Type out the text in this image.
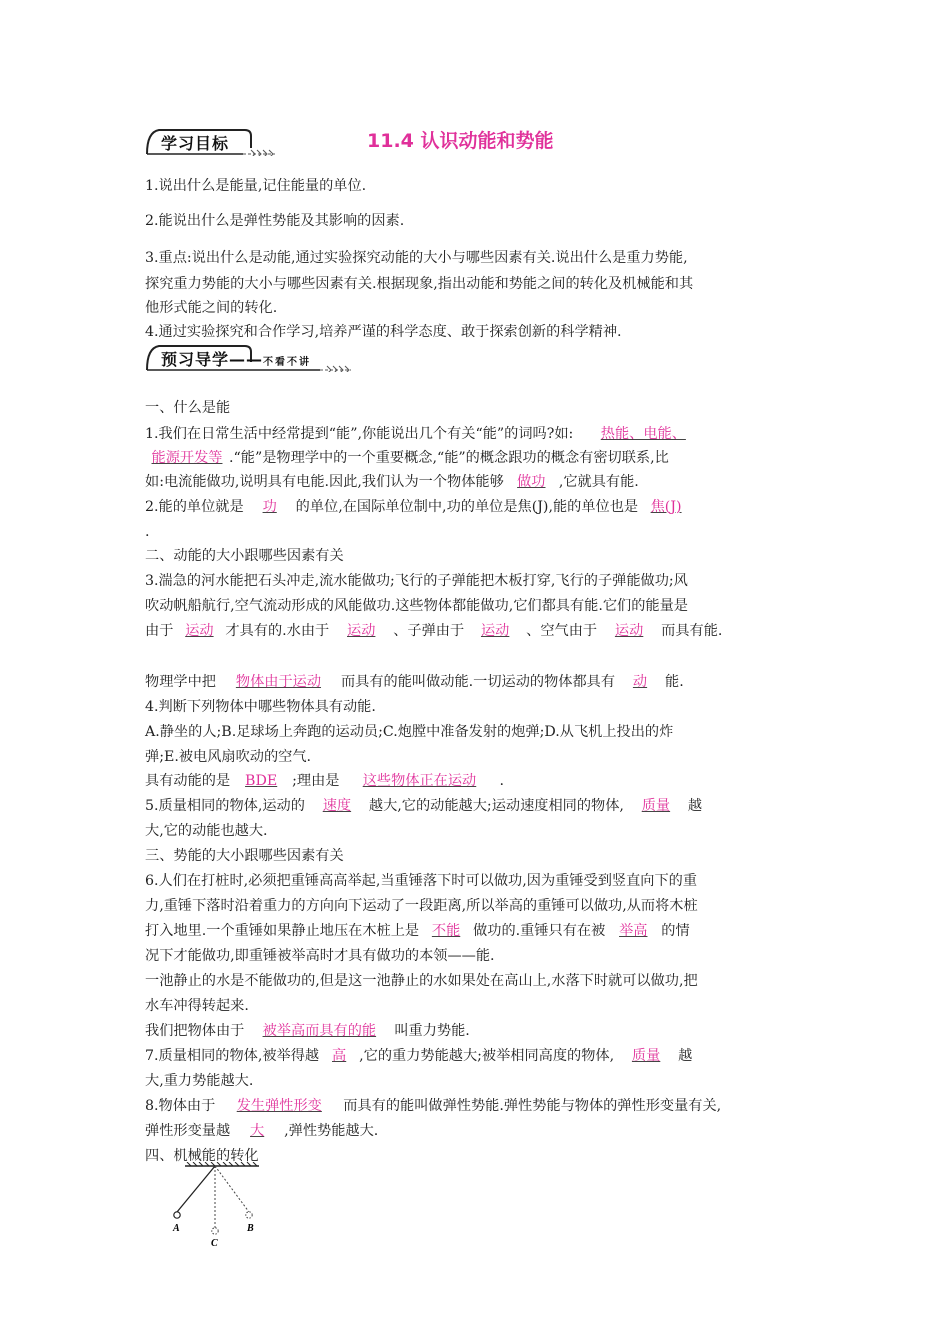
学习目标	11.4 认识动能和势能
1.说出什么是能量,记住能量的单位.
2.能说出什么是弹性势能及其影响的因素.
3.重点:说出什么是动能,通过实验探究动能的大小与哪些因素有关.说出什么是重力势能,
探究重力势能的大小与哪些因素有关.根据现象,指出动能和势能之间的转化及机械能和其
他形式能之间的转化.
4.通过实验探究和合作学习,培养严谨的科学态度、敢于探索创新的科学精神.
预习导学——不看不讲
一、什么是能
1.我们在日常生活中经常提到“能”,你能说出几个有关“能”的词吗?如: 热能、电能、
能源开发等 .“能”是物理学中的一个重要概念,“能”的概念跟功的概念有密切联系,比
如:电流能做功,说明具有电能.因此,我们认为一个物体能够 做功 ,它就具有能.
2.能的单位就是 功 的单位,在国际单位制中,功的单位是焦(J),能的单位也是 焦(J)
.
二、动能的大小跟哪些因素有关
3.湍急的河水能把石头冲走,流水能做功;飞行的子弹能把木板打穿,飞行的子弹能做功;风
吹动帆船航行,空气流动形成的风能做功.这些物体都能做功,它们都具有能.它们的能量是
由于 运动 才具有的.水由于 运动 、子弹由于 运动 、空气由于 运动 而具有能.
物理学中把 物体由于运动 而具有的能叫做动能.一切运动的物体都具有 动 能.
4.判断下列物体中哪些物体具有动能.
A.静坐的人;B.足球场上奔跑的运动员;C.炮膛中准备发射的炮弹;D.从飞机上投出的炸
弹;E.被电风扇吹动的空气.
具有动能的是 BDE ;理由是 这些物体正在运动 .
5.质量相同的物体,运动的 速度 越大,它的动能越大;运动速度相同的物体, 质量 越
大,它的动能也越大.
三、势能的大小跟哪些因素有关
6.人们在打桩时,必须把重锤高高举起,当重锤落下时可以做功,因为重锤受到竖直向下的重
力,重锤下落时沿着重力的方向向下运动了一段距离,所以举高的重锤可以做功,从而将木桩
打入地里.一个重锤如果静止地压在木桩上是 不能 做功的.重锤只有在被 举高 的情
况下才能做功,即重锤被举高时才具有做功的本领——能.
一池静止的水是不能做功的,但是这一池静止的水如果处在高山上,水落下时就可以做功,把
水车冲得转起来.
我们把物体由于 被举高而具有的能 叫重力势能.
7.质量相同的物体,被举得越 高 ,它的重力势能越大;被举相同高度的物体, 质量 越
大,重力势能越大.
8.物体由于 发生弹性形变 而具有的能叫做弹性势能.弹性势能与物体的弹性形变量有关,
弹性形变量越 大 ,弹性势能越大.
四、机械能的转化
A
C
B
